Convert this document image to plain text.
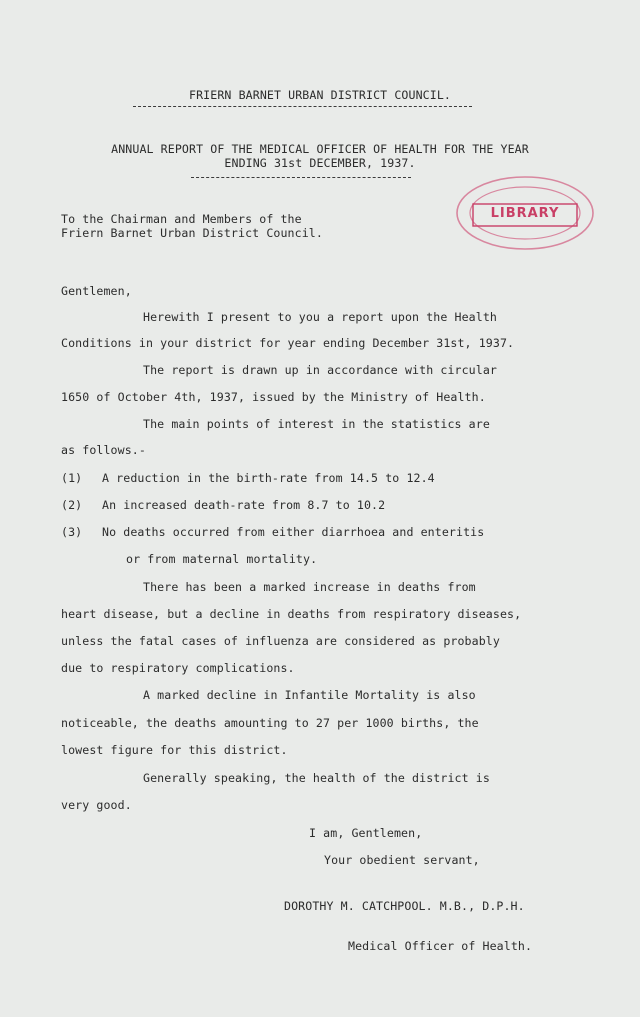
FRIERN BARNET URBAN DISTRICT COUNCIL.
ANNUAL REPORT OF THE MEDICAL OFFICER OF HEALTH FOR THE YEAR
ENDING 31st DECEMBER, 1937.
LIBRARY
To the Chairman and Members of the
Friern Barnet Urban District Council.
Gentlemen,
Herewith I present to you a report upon the Health
Conditions in your district for year ending December 31st, 1937.
The report is drawn up in accordance with circular
1650 of October 4th, 1937, issued by the Ministry of Health.
The main points of interest in the statistics are
as follows.-
(1) A reduction in the birth-rate from 14.5 to 12.4
(2) An increased death-rate from 8.7 to 10.2
(3) No deaths occurred from either diarrhoea and enteritis
or from maternal mortality.
There has been a marked increase in deaths from
heart disease, but a decline in deaths from respiratory diseases,
unless the fatal cases of influenza are considered as probably
due to respiratory complications.
A marked decline in Infantile Mortality is also
noticeable, the deaths amounting to 27 per 1000 births, the
lowest figure for this district.
Generally speaking, the health of the district is
very good.
I am, Gentlemen,
Your obedient servant,
DOROTHY M. CATCHPOOL. M.B., D.P.H.
Medical Officer of Health.
